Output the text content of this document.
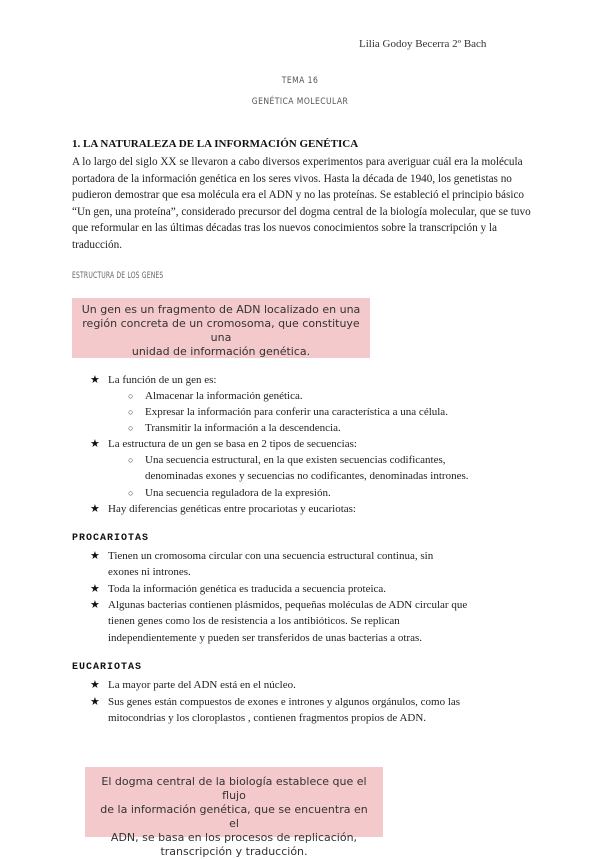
Lilia Godoy Becerra 2º Bach
TEMA 16
GENÉTICA MOLECULAR
1. LA NATURALEZA DE LA INFORMACIÓN GENÉTICA
A lo largo del siglo XX se llevaron a cabo diversos experimentos para averiguar cuál era la molécula portadora de la información genética en los seres vivos. Hasta la década de 1940, los genetistas no pudieron demostrar que esa molécula era el ADN y no las proteínas. Se estableció el principio básico “Un gen, una proteína”, considerado precursor del dogma central de la biología molecular, que se tuvo que reformular en las últimas décadas tras los nuevos conocimientos sobre la transcripción y la traducción.
ESTRUCTURA DE LOS GENES
Un gen es un fragmento de ADN localizado en una
región concreta de un cromosoma, que constituye una
unidad de información genética.
★ La función de un gen es:
○ Almacenar la información genética.
○ Expresar la información para conferir una característica a una célula.
○ Transmitir la información a la descendencia.
★ La estructura de un gen se basa en 2 tipos de secuencias:
○ Una secuencia estructural, en la que existen secuencias codificantes,
denominadas exones y secuencias no codificantes, denominadas intrones.
○ Una secuencia reguladora de la expresión.
★ Hay diferencias genéticas entre procariotas y eucariotas:
PROCARIOTAS
★ Tienen un cromosoma circular con una secuencia estructural continua, sin
exones ni intrones.
★ Toda la información genética es traducida a secuencia proteica.
★ Algunas bacterias contienen plásmidos, pequeñas moléculas de ADN circular que
tienen genes como los de resistencia a los antibióticos. Se replican
independientemente y pueden ser transferidos de unas bacterias a otras.
EUCARIOTAS
★ La mayor parte del ADN está en el núcleo.
★ Sus genes están compuestos de exones e intrones y algunos orgánulos, como las
mitocondrias y los cloroplastos , contienen fragmentos propios de ADN.
El dogma central de la biología establece que el flujo
de la información genética, que se encuentra en el
ADN, se basa en los procesos de replicación,
transcripción y traducción.
